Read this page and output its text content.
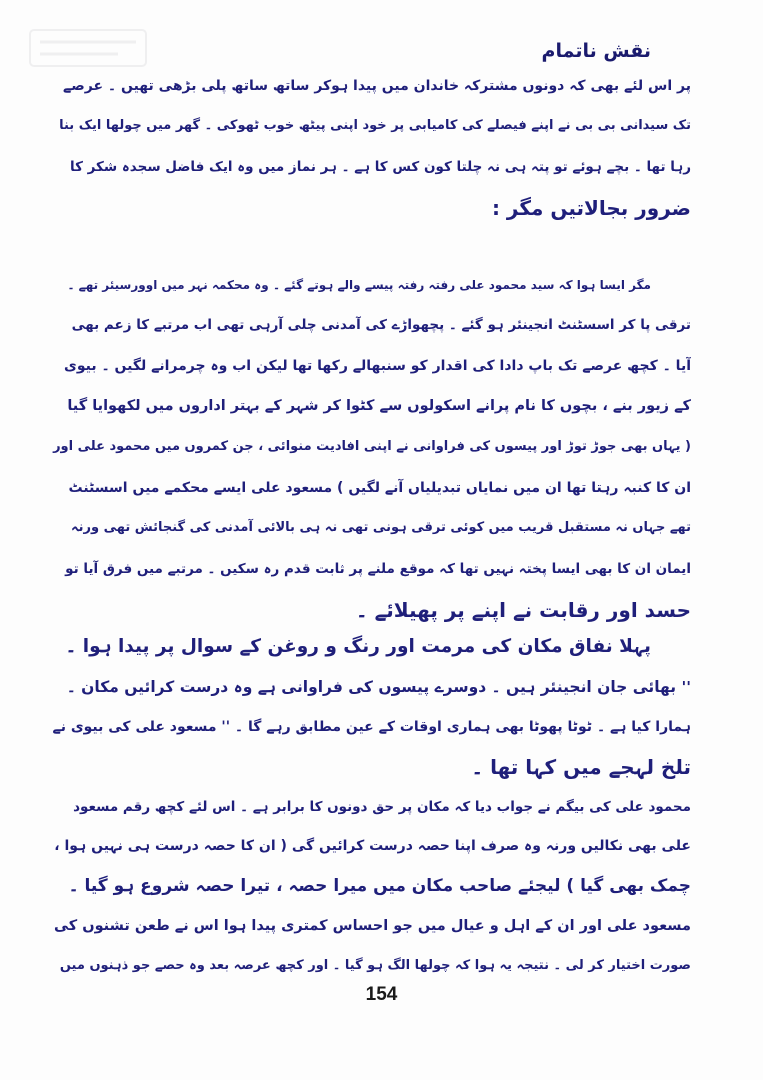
نقش ناتمام
پر اس لئے بھی کہ دونوں مشترکہ خاندان میں پیدا ہوکر ساتھ ساتھ پلی بڑھی تھیں ۔ عرصے
تک سیدانی بی بی نے اپنے فیصلے کی کامیابی پر خود اپنی پیٹھ خوب ٹھوکی ۔ گھر میں چولھا ایک بنا
رہا تھا ۔ بچے ہوئے تو پتہ ہی نہ چلتا کون کس کا ہے ۔ ہر نماز میں وہ ایک فاضل سجدہ شکر کا
ضرور بجالاتیں مگر :
مگر ایسا ہوا کہ سید محمود علی رفتہ رفتہ پیسے والے ہوتے گئے ۔ وہ محکمہ نہر میں اوورسیئر تھے ۔
ترقی پا کر اسسٹنٹ انجینئر ہو گئے ۔ پچھواڑے کی آمدنی چلی آرہی تھی اب مرتبے کا زعم بھی
آیا ۔ کچھ عرصے تک باپ دادا کی اقدار کو سنبھالے رکھا تھا لیکن اب وہ چرمرانے لگیں ۔ بیوی
کے زیور بنے ، بچوں کا نام پرانے اسکولوں سے کٹوا کر شہر کے بہتر اداروں میں لکھوایا گیا
( یہاں بھی جوڑ توڑ اور پیسوں کی فراوانی نے اپنی افادیت منوائی ، جن کمروں میں محمود علی اور
ان کا کنبہ رہتا تھا ان میں نمایاں تبدیلیاں آنے لگیں ) مسعود علی ایسے محکمے میں اسسٹنٹ
تھے جہاں نہ مستقبل قریب میں کوئی ترقی ہونی تھی نہ ہی بالائی آمدنی کی گنجائش تھی ورنہ
ایمان ان کا بھی ایسا پختہ نہیں تھا کہ موقع ملنے پر ثابت قدم رہ سکیں ۔ مرتبے میں فرق آیا تو
حسد اور رقابت نے اپنے پر پھیلائے ۔
پہلا نفاق مکان کی مرمت اور رنگ و روغن کے سوال پر پیدا ہوا ۔
'' بھائی جان انجینئر ہیں ۔ دوسرے پیسوں کی فراوانی ہے وہ درست کرائیں مکان ۔
ہمارا کیا ہے ۔ ٹوٹا پھوٹا بھی ہماری اوقات کے عین مطابق رہے گا ۔ '' مسعود علی کی بیوی نے
تلخ لہجے میں کہا تھا ۔
محمود علی کی بیگم نے جواب دیا کہ مکان پر حق دونوں کا برابر ہے ۔ اس لئے کچھ رقم مسعود
علی بھی نکالیں ورنہ وہ صرف اپنا حصہ درست کرائیں گی ( ان کا حصہ درست ہی نہیں ہوا ،
چمک بھی گیا ) لیجئے صاحب مکان میں میرا حصہ ، تیرا حصہ شروع ہو گیا ۔
مسعود علی اور ان کے اہل و عیال میں جو احساس کمتری پیدا ہوا اس نے طعن تشنوں کی
صورت اختیار کر لی ۔ نتیجہ یہ ہوا کہ چولھا الگ ہو گیا ۔ اور کچھ عرصہ بعد وہ حصے جو ذہنوں میں
154
